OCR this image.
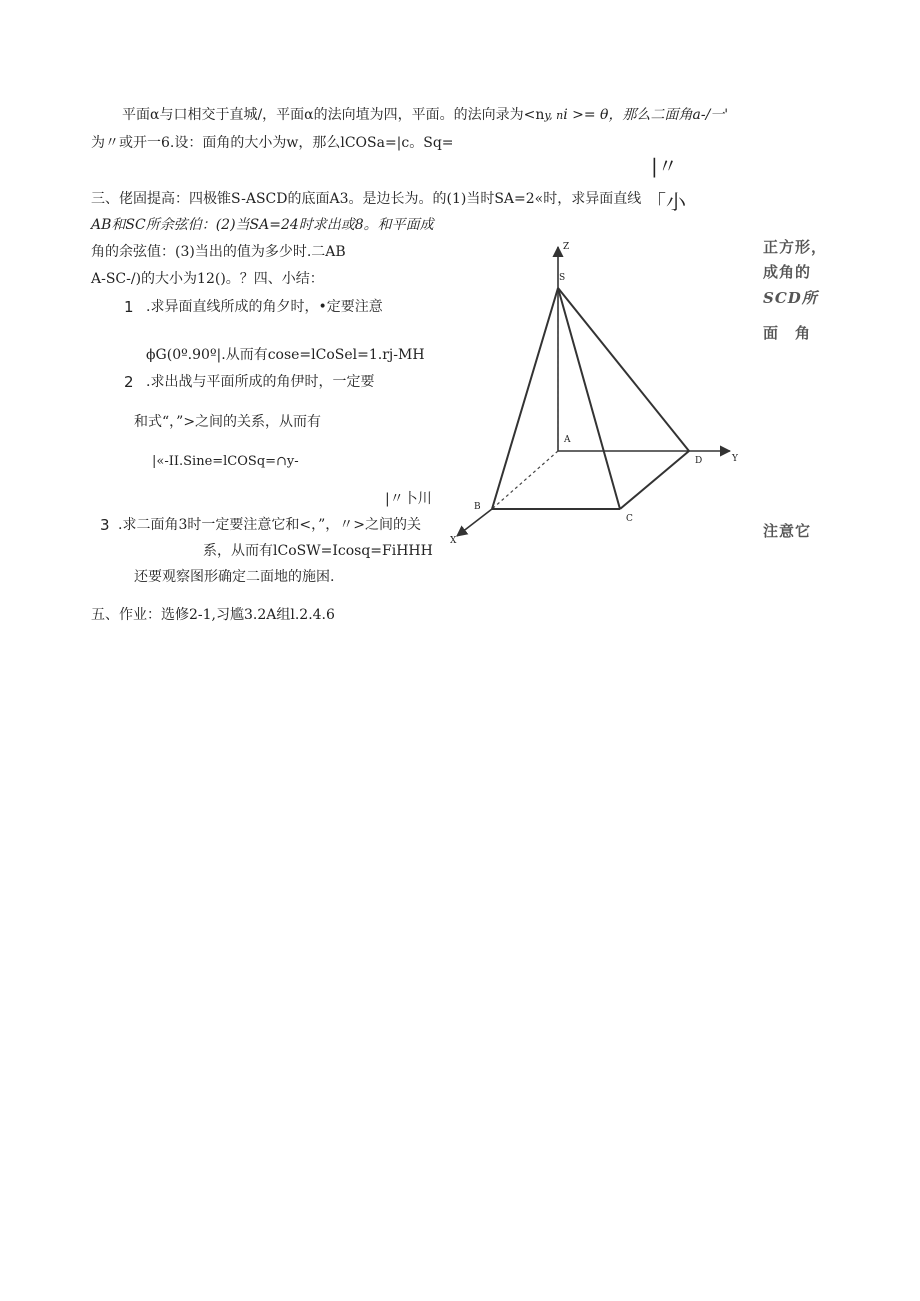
平面α与口相交于直城/，平面α的法向埴为四，平面。的法向录为<ny, ni >= θ，那么二面角a-/一'
为〃或开一6.设：面角的大小为w，那么lCOSa=|c。Sq=
|〃
三、佬固提高：四极锥S-ASCD的底面A3。是边长为。的(1)当时SA=2«时，求异面直线 「小
AB和SC所余弦伯：(2)当SA=24时求出或8。和平面成
角的余弦值：(3)当出的值为多少时.二AB
A-SC-/)的大小为12()。？四、小结：
1 .求异面直线所成的角夕时，•定要注意
ϕG(0º.90º|.从而有cose=lCoSel=1.rj-MH
2 .求出战与平面所成的角伊时，一定要
和式“，”>之间的关系，从而有
|«-II.Sine=lCOSq=∩y-
|〃卜川
3 .求二面角3时一定要注意它和<，”，〃>之间的关
系，从而有lCoSW=Icosq=FiHHH
还要观察图形确定二面地的施困.
五、作业：选修2-1,习尴3.2A组l.2.4.6
正方形，
成角的
SCD所
面　角
注意它
Z
Y
X
S
A
B
C
D
